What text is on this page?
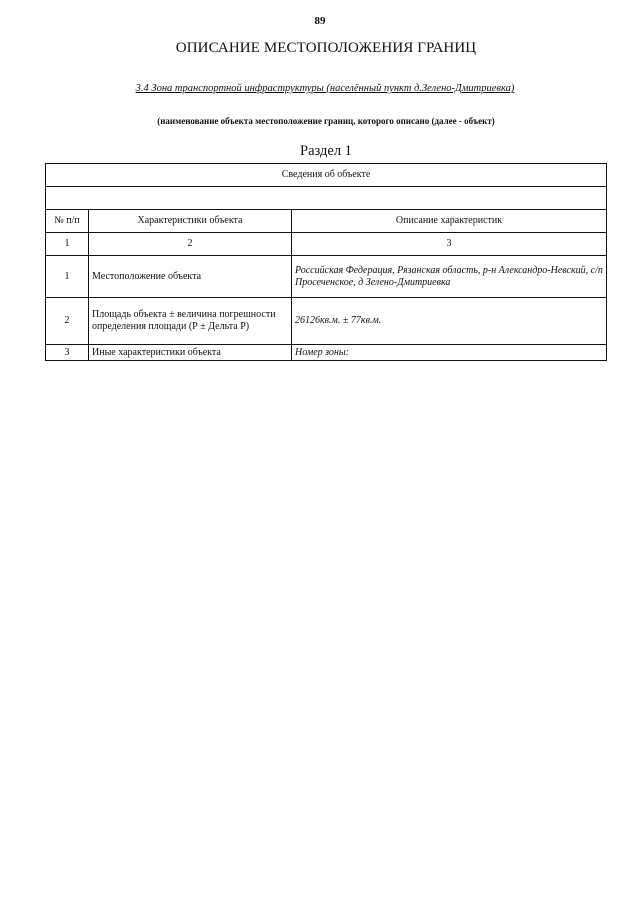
89
ОПИСАНИЕ МЕСТОПОЛОЖЕНИЯ ГРАНИЦ
3.4 Зона транспортной инфраструктуры (населённый пункт д.Зелено-Дмитриевка)
(наименование объекта местоположение границ, которого описано (далее - объект)
Раздел 1
Сведения об объекте		

№ п/п	Характеристики объекта	Описание характеристик
1	2	3
1	Местоположение объекта	Российская Федерация, Рязанская область, р-н Александро-Невский, с/п Просеченское, д Зелено-Дмитриевка
2	Площадь объекта ± величина погрешности определения площади (Р ± Дельта Р)	26126кв.м. ± 77кв.м.
3	Иные характеристики объекта	Номер зоны:
